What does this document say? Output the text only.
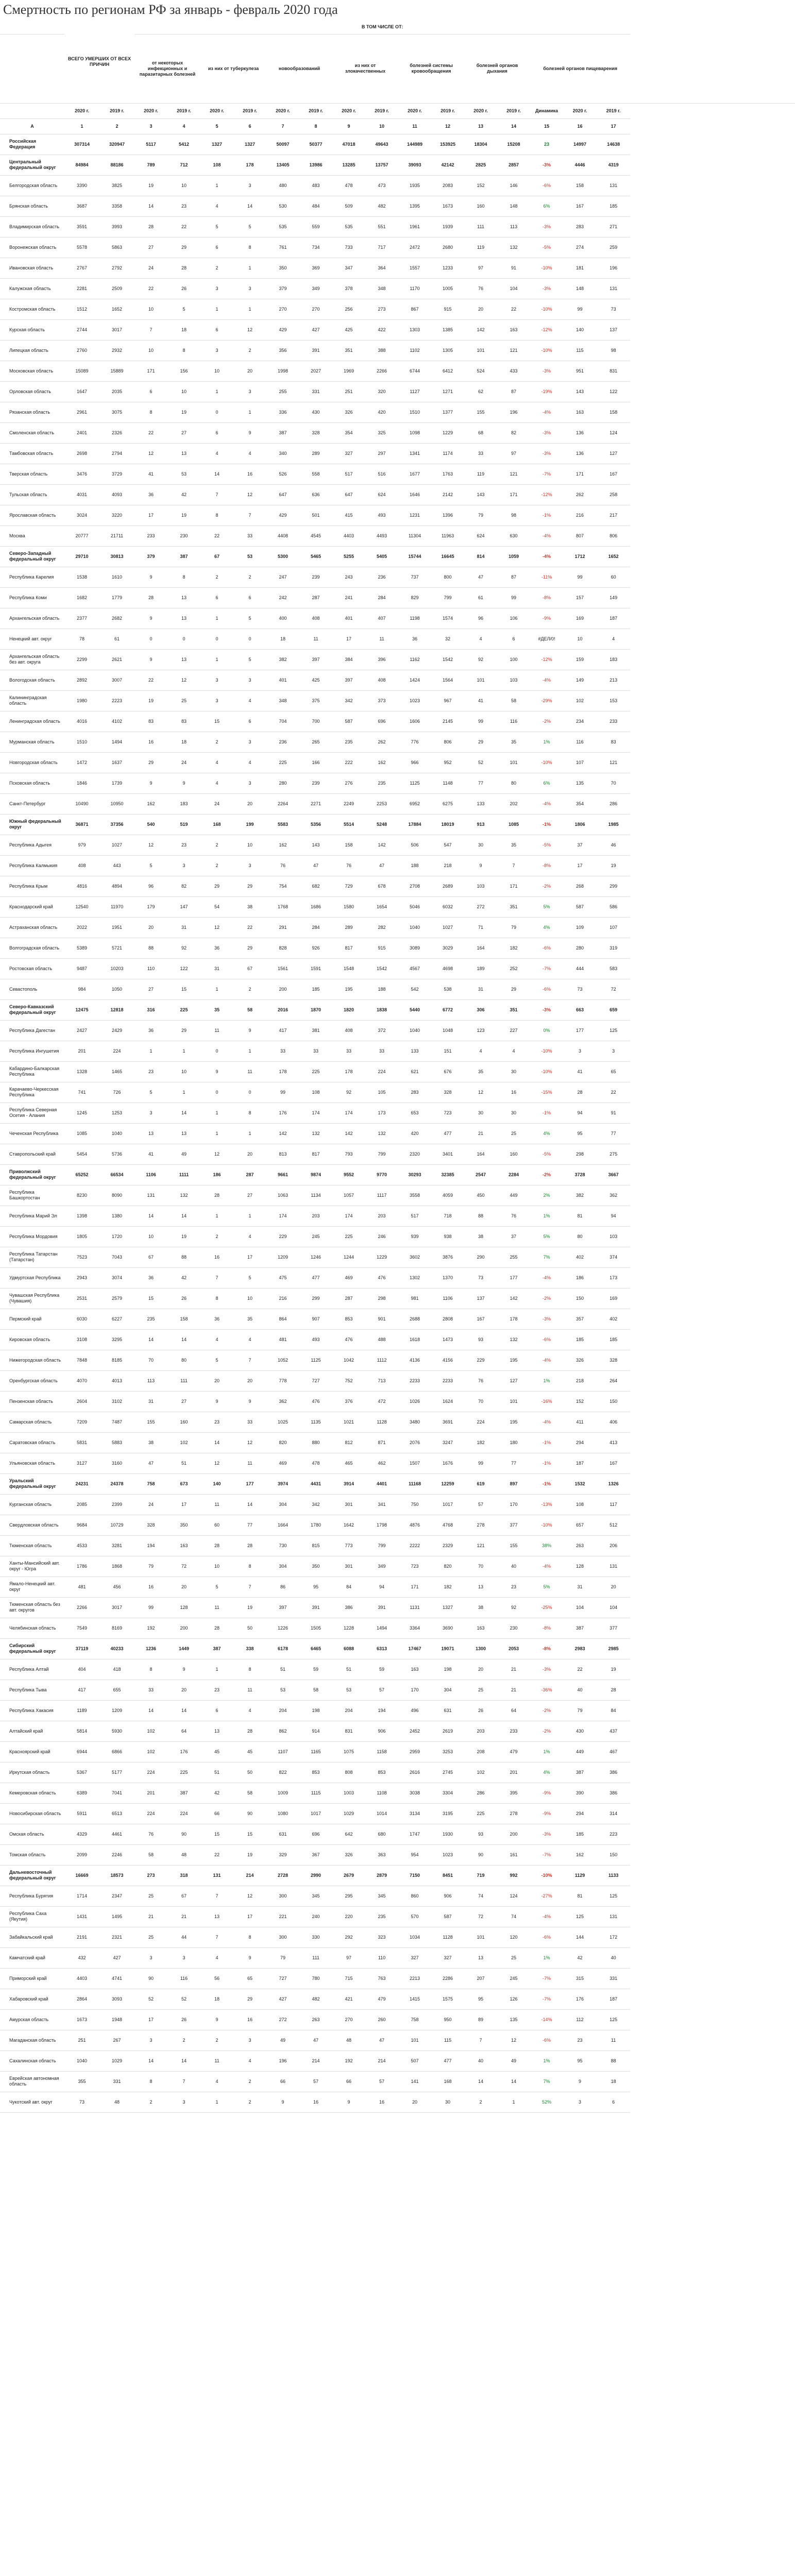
Смертность по регионам РФ за январь - февраль 2020 года
	ВСЕГО УМЕРШИХ ОТ ВСЕХ ПРИЧИН		В ТОМ ЧИСЛЕ ОТ:															
			от некоторых инфекционных и паразитарных болезней		из них от туберкулеза		новообразований		из них от злокачественных		болезней системы кровообращения		болезней органов дыхания		болезней органов пищеварения			
	2020 г.	2019 г.	2020 г.	2019 г.	2020 г.	2019 г.	2020 г.	2019 г.	2020 г.	2019 г.	2020 г.	2019 г.	2020 г.	2019 г.	Динамика	2020 г.	2019 г.	
А	1	2	3	4	5	6	7	8	9	10	11	12	13	14	15	16	17	
Российская Федерация	307314	320947	5117	5412	1327	1327	50097	50377	47018	49643	144989	153925	18304	15208	23	14997	14638	
Центральный федеральный округ	84984	88186	789	712	108	178	13405	13986	13285	13757	39093	42142	2825	2857	-3%	4446	4319	
Белгородская область	3390	3825	19	10	1	3	480	483	478	473	1935	2083	152	146	-6%	158	131	
Брянская область	3687	3358	14	23	4	14	530	484	509	482	1395	1673	160	148	6%	167	185	
Владимирская область	3591	3993	28	22	5	5	535	559	535	551	1961	1939	111	113	-3%	283	271	
Воронежская область	5578	5863	27	29	6	8	761	734	733	717	2472	2680	119	132	-5%	274	259	
Ивановская область	2767	2792	24	28	2	1	350	369	347	364	1557	1233	97	91	-10%	181	196	
Калужская область	2281	2509	22	26	3	3	379	349	378	348	1170	1005	76	104	-3%	148	131	
Костромская область	1512	1652	10	5	1	1	270	270	256	273	867	915	20	22	-10%	99	73	
Курская область	2744	3017	7	18	6	12	429	427	425	422	1303	1385	142	163	-12%	140	137	
Липецкая область	2760	2932	10	8	3	2	356	391	351	388	1102	1305	101	121	-10%	115	98	
Московская область	15089	15889	171	156	10	20	1998	2027	1969	2266	6744	6412	524	433	-3%	951	831	
Орловская область	1647	2035	6	10	1	3	255	331	251	320	1127	1271	62	87	-19%	143	122	
Рязанская область	2961	3075	8	19	0	1	336	430	326	420	1510	1377	155	196	-4%	163	158	
Смоленская область	2401	2326	22	27	6	9	387	328	354	325	1098	1229	68	82	-3%	136	124	
Тамбовская область	2698	2794	12	13	4	4	340	289	327	297	1341	1174	33	97	-3%	136	127	
Тверская область	3476	3729	41	53	14	16	526	558	517	516	1677	1763	119	121	-7%	171	167	
Тульская область	4031	4093	36	42	7	12	647	636	647	624	1646	2142	143	171	-12%	262	258	
Ярославская область	3024	3220	17	19	8	7	429	501	415	493	1231	1396	79	98	-1%	216	217	
Москва	20777	21711	233	230	22	33	4408	4545	4403	4493	11304	11963	624	630	-4%	807	806	
Северо-Западный федеральный округ	29710	30813	379	387	67	53	5300	5465	5255	5405	15744	16645	814	1059	-4%	1712	1652	
Республика Карелия	1538	1610	9	8	2	2	247	239	243	236	737	800	47	87	-11%	99	60	
Республика Коми	1682	1779	28	13	6	6	242	287	241	284	829	799	61	99	-8%	157	149	
Архангельская область	2377	2682	9	13	1	5	400	408	401	407	1198	1574	96	106	-9%	169	187	
Ненецкий авт. округ	78	61	0	0	0	0	18	11	17	11	36	32	4	6	#ДЕЛ/0!	10	4	
Архангельская область без авт. округа	2299	2621	9	13	1	5	382	397	384	396	1162	1542	92	100	-12%	159	183	
Вологодская область	2892	3007	22	12	3	3	401	425	397	408	1424	1564	101	103	-4%	149	213	
Калининградская область	1980	2223	19	25	3	4	348	375	342	373	1023	967	41	58	-29%	102	153	
Ленинградская область	4016	4102	83	83	15	6	704	700	587	696	1606	2145	99	116	-2%	234	233	
Мурманская область	1510	1494	16	18	2	3	236	265	235	262	776	806	29	35	1%	116	83	
Новгородская область	1472	1637	29	24	4	4	225	166	222	162	966	952	52	101	-10%	107	121	
Псковская область	1846	1739	9	9	4	3	280	239	276	235	1125	1148	77	80	6%	135	70	
Санкт-Петербург	10490	10950	162	183	24	20	2264	2271	2249	2253	6952	6275	133	202	-4%	354	286	
Южный федеральный округ	36871	37356	540	519	168	199	5583	5356	5514	5248	17884	18019	913	1085	-1%	1806	1985	
Республика Адыгея	979	1027	12	23	2	10	162	143	158	142	506	547	30	35	-5%	37	46	
Республика Калмыкия	408	443	5	3	2	3	76	47	76	47	188	218	9	7	-8%	17	19	
Республика Крым	4816	4894	96	82	29	29	754	682	729	678	2708	2689	103	171	-2%	268	299	
Краснодарский край	12540	11970	179	147	54	38	1768	1686	1580	1654	5046	6032	272	351	5%	587	586	
Астраханская область	2022	1951	20	31	12	22	291	284	289	282	1040	1027	71	79	4%	109	107	
Волгоградская область	5389	5721	88	92	36	29	828	926	817	915	3089	3029	164	182	-6%	280	319	
Ростовская область	9487	10203	110	122	31	67	1561	1591	1548	1542	4567	4698	189	252	-7%	444	583	
Севастополь	984	1050	27	15	1	2	200	185	195	188	542	538	31	29	-6%	73	72	
Северо-Кавказский федеральный округ	12475	12818	316	225	35	58	2016	1870	1820	1838	5440	6772	306	351	-3%	663	659	
Республика Дагестан	2427	2429	36	29	11	9	417	381	408	372	1040	1048	123	227	0%	177	125	
Республика Ингушетия	201	224	1	1	0	1	33	33	33	33	133	151	4	4	-10%	3	3	
Кабардино-Балкарская Республика	1328	1465	23	10	9	11	178	225	178	224	621	676	35	30	-10%	41	65	
Карачаево-Черкесская Республика	741	726	5	1	0	0	99	108	92	105	283	328	12	16	-15%	28	22	
Республика Северная Осетия - Алания	1245	1253	3	14	1	8	176	174	174	173	653	723	30	30	-1%	94	91	
Чеченская Республика	1085	1040	13	13	1	1	142	132	142	132	420	477	21	25	4%	95	77	
Ставропольский край	5454	5736	41	49	12	20	813	817	793	799	2320	3401	164	160	-5%	298	275	
Приволжский федеральный округ	65252	66534	1106	1111	186	287	9661	9874	9552	9770	30293	32385	2547	2284	-2%	3728	3667	
Республика Башкортостан	8230	8090	131	132	28	27	1063	1134	1057	1117	3558	4059	450	449	2%	382	362	
Республика Марий Эл	1398	1380	14	14	1	1	174	203	174	203	517	718	88	76	1%	81	94	
Республика Мордовия	1805	1720	10	19	2	4	229	245	225	246	939	938	38	37	5%	80	103	
Республика Татарстан (Татарстан)	7523	7043	67	88	16	17	1209	1246	1244	1229	3602	3876	290	255	7%	402	374	
Удмуртская Республика	2943	3074	36	42	7	5	475	477	469	476	1302	1370	73	177	-4%	186	173	
Чувашская Республика (Чувашия)	2531	2579	15	26	8	10	216	299	287	298	981	1106	137	142	-2%	150	169	
Пермский край	6030	6227	235	158	36	35	864	907	853	901	2688	2808	167	178	-3%	357	402	
Кировская область	3108	3295	14	14	4	4	481	493	476	488	1618	1473	93	132	-6%	185	185	
Нижегородская область	7848	8185	70	80	5	7	1052	1125	1042	1112	4136	4156	229	195	-4%	326	328	
Оренбургская область	4070	4013	113	111	20	20	778	727	752	713	2233	2233	76	127	1%	218	264	
Пензенская область	2604	3102	31	27	9	9	362	476	376	472	1026	1624	70	101	-16%	152	150	
Самарская область	7209	7487	155	160	23	33	1025	1135	1021	1128	3480	3691	224	195	-4%	411	406	
Саратовская область	5831	5883	38	102	14	12	820	880	812	871	2076	3247	182	180	-1%	294	413	
Ульяновская область	3127	3160	47	51	12	11	469	478	465	462	1507	1676	99	77	-1%	187	167	
Уральский федеральный округ	24231	24378	758	673	140	177	3974	4431	3914	4401	11168	12259	619	897	-1%	1532	1326	
Курганская область	2085	2399	24	17	11	14	304	342	301	341	750	1017	57	170	-13%	108	117	
Свердловская область	9684	10729	328	350	60	77	1664	1780	1642	1798	4876	4768	278	377	-10%	657	512	
Тюменская область	4533	3281	194	163	28	28	730	815	773	799	2222	2329	121	155	38%	263	206	
Ханты-Мансийский авт. округ - Югра	1786	1868	79	72	10	8	304	350	301	349	723	820	70	40	-4%	128	131	
Ямало-Ненецкий авт. округ	481	456	16	20	5	7	86	95	84	94	171	182	13	23	5%	31	20	
Тюменская область без авт. округов	2266	3017	99	128	11	19	397	391	386	391	1131	1327	38	92	-25%	104	104	
Челябинская область	7549	8169	192	200	28	50	1226	1505	1228	1494	3364	3690	163	230	-8%	387	377	
Сибирский федеральный округ	37119	40233	1236	1449	387	338	6178	6465	6088	6313	17467	19071	1300	2053	-8%	2983	2985	
Республика Алтай	404	418	8	9	1	8	51	59	51	59	163	198	20	21	-3%	22	19	
Республика Тыва	417	655	33	20	23	11	53	58	53	57	170	304	25	21	-36%	40	28	
Республика Хакасия	1189	1209	14	14	6	4	204	198	204	194	496	631	26	64	-2%	79	84	
Алтайский край	5814	5930	102	64	13	28	862	914	831	906	2452	2619	203	233	-2%	430	437	
Красноярский край	6944	6866	102	176	45	45	1107	1165	1075	1158	2959	3253	208	479	1%	449	467	
Иркутская область	5367	5177	224	225	51	50	822	853	808	853	2616	2745	102	201	4%	387	386	
Кемеровская область	6389	7041	201	387	42	58	1009	1115	1003	1108	3038	3304	286	395	-9%	390	386	
Новосибирская область	5911	6513	224	224	66	90	1080	1017	1029	1014	3134	3195	225	278	-9%	294	314	
Омская область	4329	4461	76	90	15	15	631	696	642	680	1747	1930	93	200	-3%	185	223	
Томская область	2099	2246	58	48	22	19	329	367	326	363	954	1023	90	161	-7%	162	150	
Дальневосточный федеральный округ	16669	18573	273	318	131	214	2728	2990	2679	2879	7150	8451	719	992	-10%	1129	1133	
Республика Бурятия	1714	2347	25	67	7	12	300	345	295	345	860	906	74	124	-27%	81	125	
Республика Саха (Якутия)	1431	1495	21	21	13	17	221	240	220	235	570	587	72	74	-4%	125	131	
Забайкальский край	2191	2321	25	44	7	8	300	330	292	323	1034	1128	101	120	-6%	144	172	
Камчатский край	432	427	3	3	4	9	79	111	97	110	327	327	13	25	1%	42	40	
Приморский край	4403	4741	90	116	56	65	727	780	715	763	2213	2286	207	245	-7%	315	331	
Хабаровский край	2864	3093	52	52	18	29	427	482	421	479	1415	1575	95	126	-7%	176	187	
Амурская область	1673	1948	17	26	9	16	272	263	270	260	758	950	89	135	-14%	112	125	
Магаданская область	251	267	3	2	2	3	49	47	48	47	101	115	7	12	-6%	23	11	
Сахалинская область	1040	1029	14	14	11	4	196	214	192	214	507	477	40	49	1%	95	88	
Еврейская автономная область	355	331	8	7	4	2	66	57	66	57	141	168	14	14	7%	9	18	
Чукотский авт. округ	73	48	2	3	1	2	9	16	9	16	20	30	2	1	52%	3	6	
